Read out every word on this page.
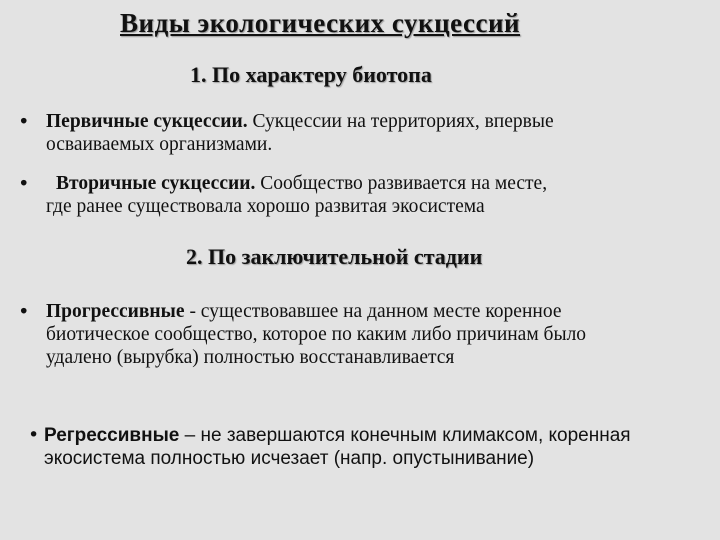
Виды экологических сукцессий
1. По характеру биотопа
• Первичные сукцессии. Сукцессии на территориях, впервые
осваиваемых организмами.
•	Вторичные сукцессии. Сообщество развивается на месте,
где ранее существовала хорошо развитая экосистема
2. По заключительной стадии
• Прогрессивные - существовавшее на данном месте коренное
биотическое сообщество, которое по каким либо причинам было
удалено (вырубка) полностью восстанавливается
• Регрессивные – не завершаются конечным климаксом, коренная
экосистема полностью исчезает (напр. опустынивание)
